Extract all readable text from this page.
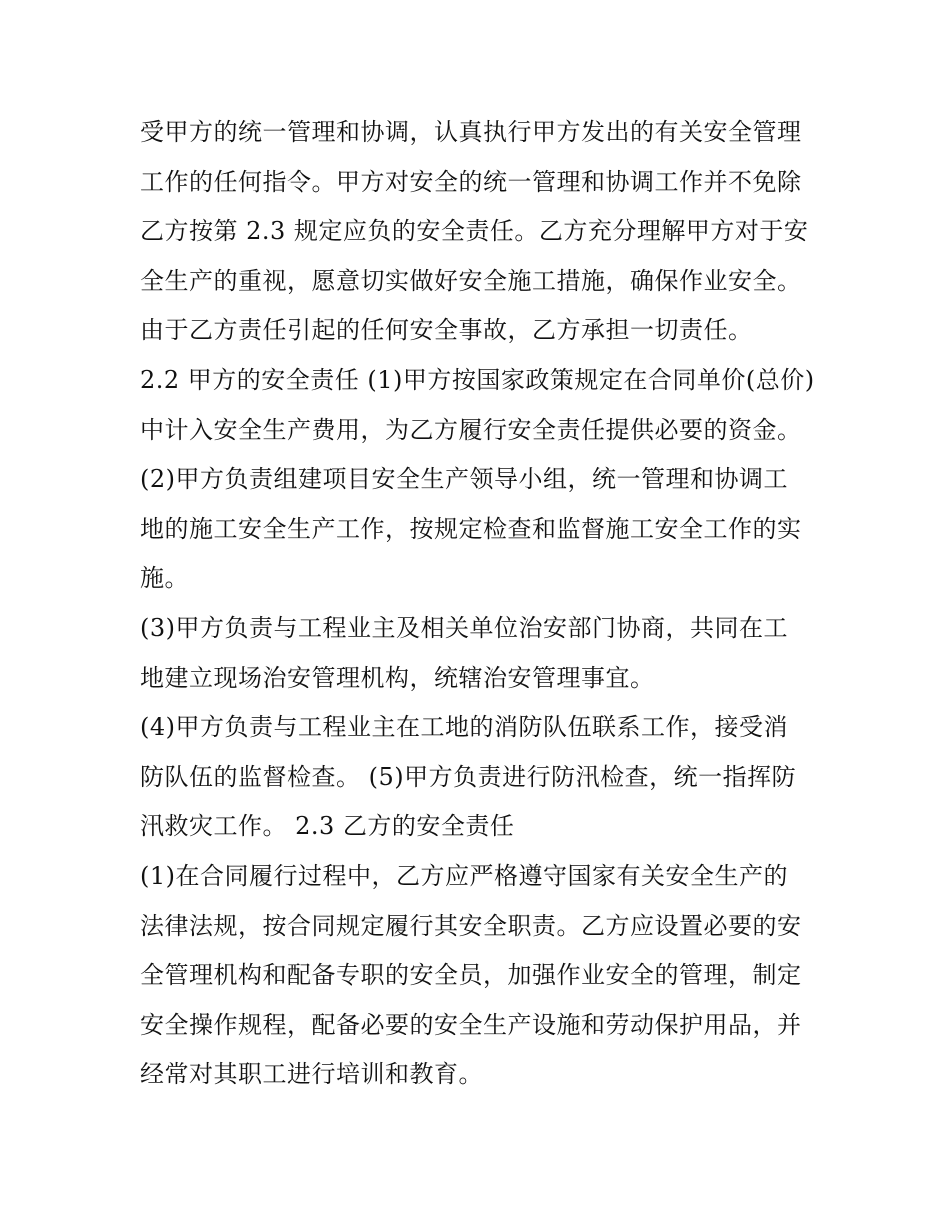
受甲方的统一管理和协调，认真执行甲方发出的有关安全管理
工作的任何指令。甲方对安全的统一管理和协调工作并不免除
乙方按第 2.3 规定应负的安全责任。乙方充分理解甲方对于安
全生产的重视，愿意切实做好安全施工措施，确保作业安全。
由于乙方责任引起的任何安全事故，乙方承担一切责任。
2.2 甲方的安全责任 (1)甲方按国家政策规定在合同单价(总价)
中计入安全生产费用，为乙方履行安全责任提供必要的资金。
(2)甲方负责组建项目安全生产领导小组，统一管理和协调工
地的施工安全生产工作，按规定检查和监督施工安全工作的实
施。
(3)甲方负责与工程业主及相关单位治安部门协商，共同在工
地建立现场治安管理机构，统辖治安管理事宜。
(4)甲方负责与工程业主在工地的消防队伍联系工作，接受消
防队伍的监督检查。 (5)甲方负责进行防汛检查，统一指挥防
汛救灾工作。 2.3 乙方的安全责任
(1)在合同履行过程中，乙方应严格遵守国家有关安全生产的
法律法规，按合同规定履行其安全职责。乙方应设置必要的安
全管理机构和配备专职的安全员，加强作业安全的管理，制定
安全操作规程，配备必要的安全生产设施和劳动保护用品，并
经常对其职工进行培训和教育。
